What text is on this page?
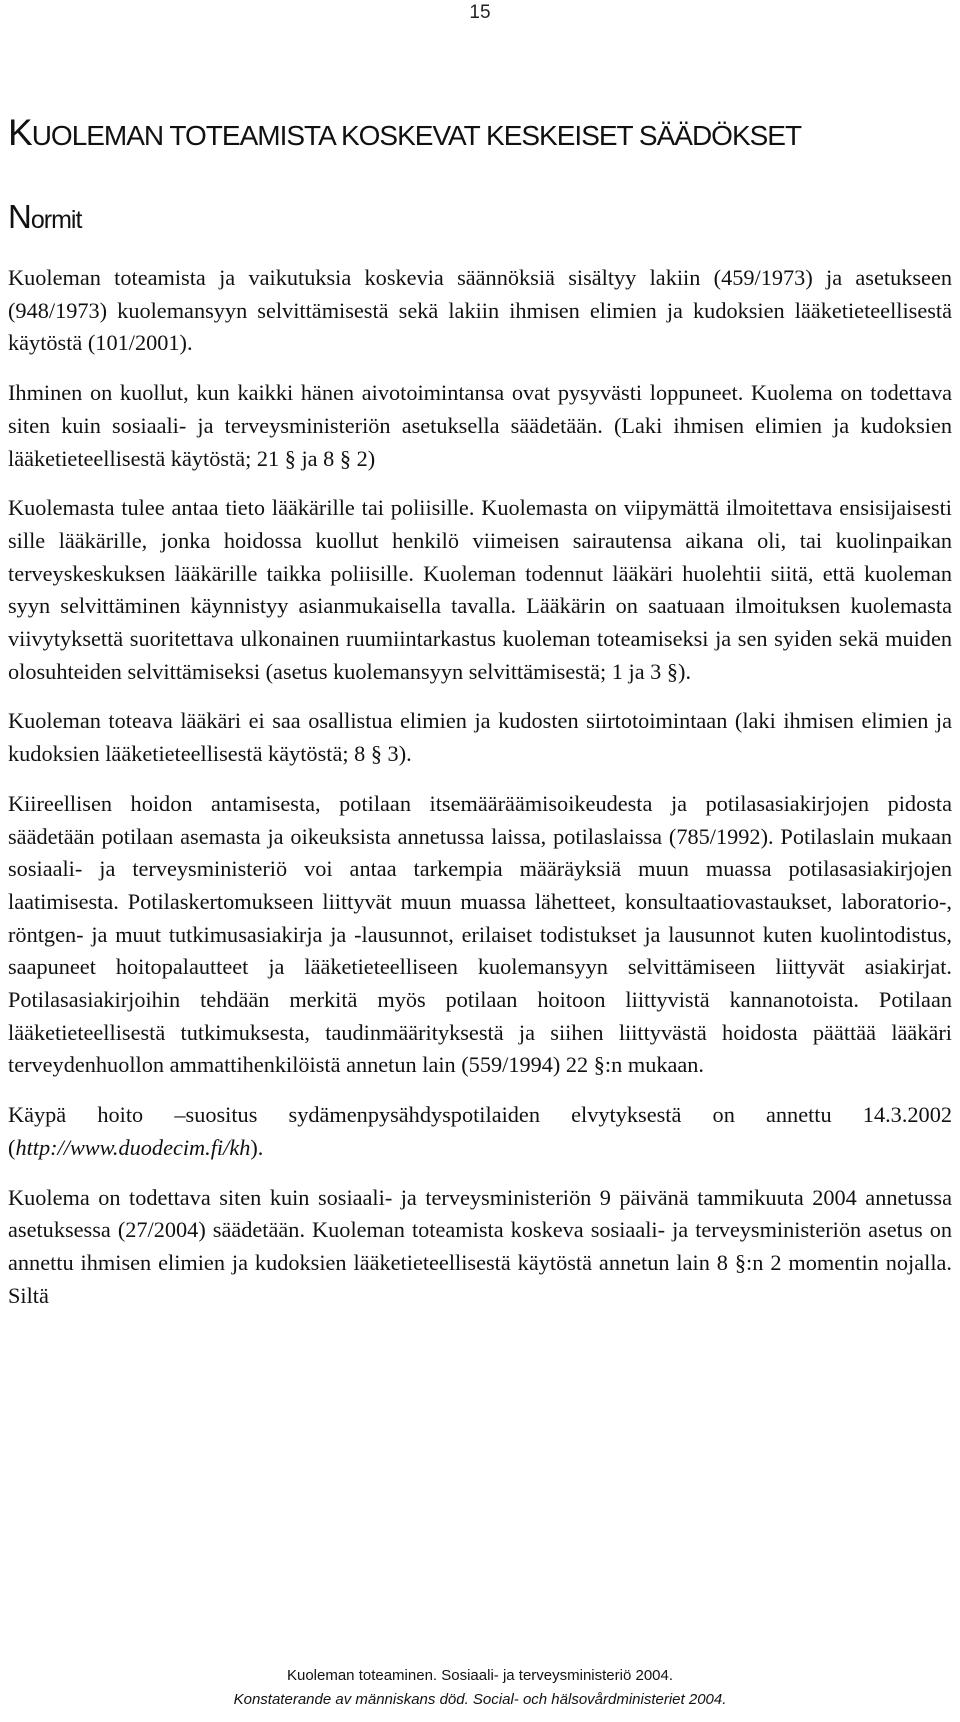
15
KUOLEMAN TOTEAMISTA KOSKEVAT KESKEISET SÄÄDÖKSET
Normit

Kuoleman toteamista ja vaikutuksia koskevia säännöksiä sisältyy lakiin (459/1973) ja asetukseen (948/1973) kuolemansyyn selvittämisestä sekä lakiin ihmisen elimien ja kudoksien lääketieteellisestä käytöstä (101/2001).

Ihminen on kuollut, kun kaikki hänen aivotoimintansa ovat pysyvästi loppuneet. Kuolema on todettava siten kuin sosiaali- ja terveysministeriön asetuksella säädetään. (Laki ihmisen elimien ja kudoksien lääketieteellisestä käytöstä; 21 § ja 8 § 2)

Kuolemasta tulee antaa tieto lääkärille tai poliisille. Kuolemasta on viipymättä ilmoitettava ensisijaisesti sille lääkärille, jonka hoidossa kuollut henkilö viimeisen sairautensa aikana oli, tai kuolinpaikan terveyskeskuksen lääkärille taikka poliisille. Kuoleman todennut lääkäri huolehtii siitä, että kuoleman syyn selvittäminen käynnistyy asianmukaisella tavalla. Lääkärin on saatuaan ilmoituksen kuolemasta viivytyksettä suoritettava ulkonainen ruumiintarkastus kuoleman toteamiseksi ja sen syiden sekä muiden olosuhteiden selvittämiseksi (asetus kuolemansyyn selvittämisestä; 1 ja 3 §).

Kuoleman toteava lääkäri ei saa osallistua elimien ja kudosten siirtotoimintaan (laki ihmisen elimien ja kudoksien lääketieteellisestä käytöstä; 8 § 3).

Kiireellisen hoidon antamisesta, potilaan itsemääräämisoikeudesta ja potilasasiakirjojen pidosta säädetään potilaan asemasta ja oikeuksista annetussa laissa, potilaslaissa (785/1992). Potilaslain mukaan sosiaali- ja terveysministeriö voi antaa tarkempia määräyksiä muun muassa potilasasiakirjojen laatimisesta. Potilaskertomukseen liittyvät muun muassa lähetteet, konsultaatiovastaukset, laboratorio-, röntgen- ja muut tutkimusasiakirja ja -lausunnot, erilaiset todistukset ja lausunnot kuten kuolintodistus, saapuneet hoitopalautteet ja lääketieteelliseen kuolemansyyn selvittämiseen liittyvät asiakirjat. Potilasasiakirjoihin tehdään merkitä myös potilaan hoitoon liittyvistä kannanotoista. Potilaan lääketieteellisestä tutkimuksesta, taudinmäärityksestä ja siihen liittyvästä hoidosta päättää lääkäri terveydenhuollon ammattihenkilöistä annetun lain (559/1994) 22 §:n mukaan.

Käypä hoito –suositus sydämenpysähdyspotilaiden elvytyksestä on annettu 14.3.2002 (http://www.duodecim.fi/kh).

Kuolema on todettava siten kuin sosiaali- ja terveysministeriön 9 päivänä tammikuuta 2004 annetussa asetuksessa (27/2004) säädetään. Kuoleman toteamista koskeva sosiaali- ja terveysministeriön asetus on annettu ihmisen elimien ja kudoksien lääketieteellisestä käytöstä annetun lain 8 §:n 2 momentin nojalla. Siltä

Kuoleman toteaminen. Sosiaali- ja terveysministeriö 2004.
Konstaterande av människans död. Social- och hälsovårdministeriet 2004.
